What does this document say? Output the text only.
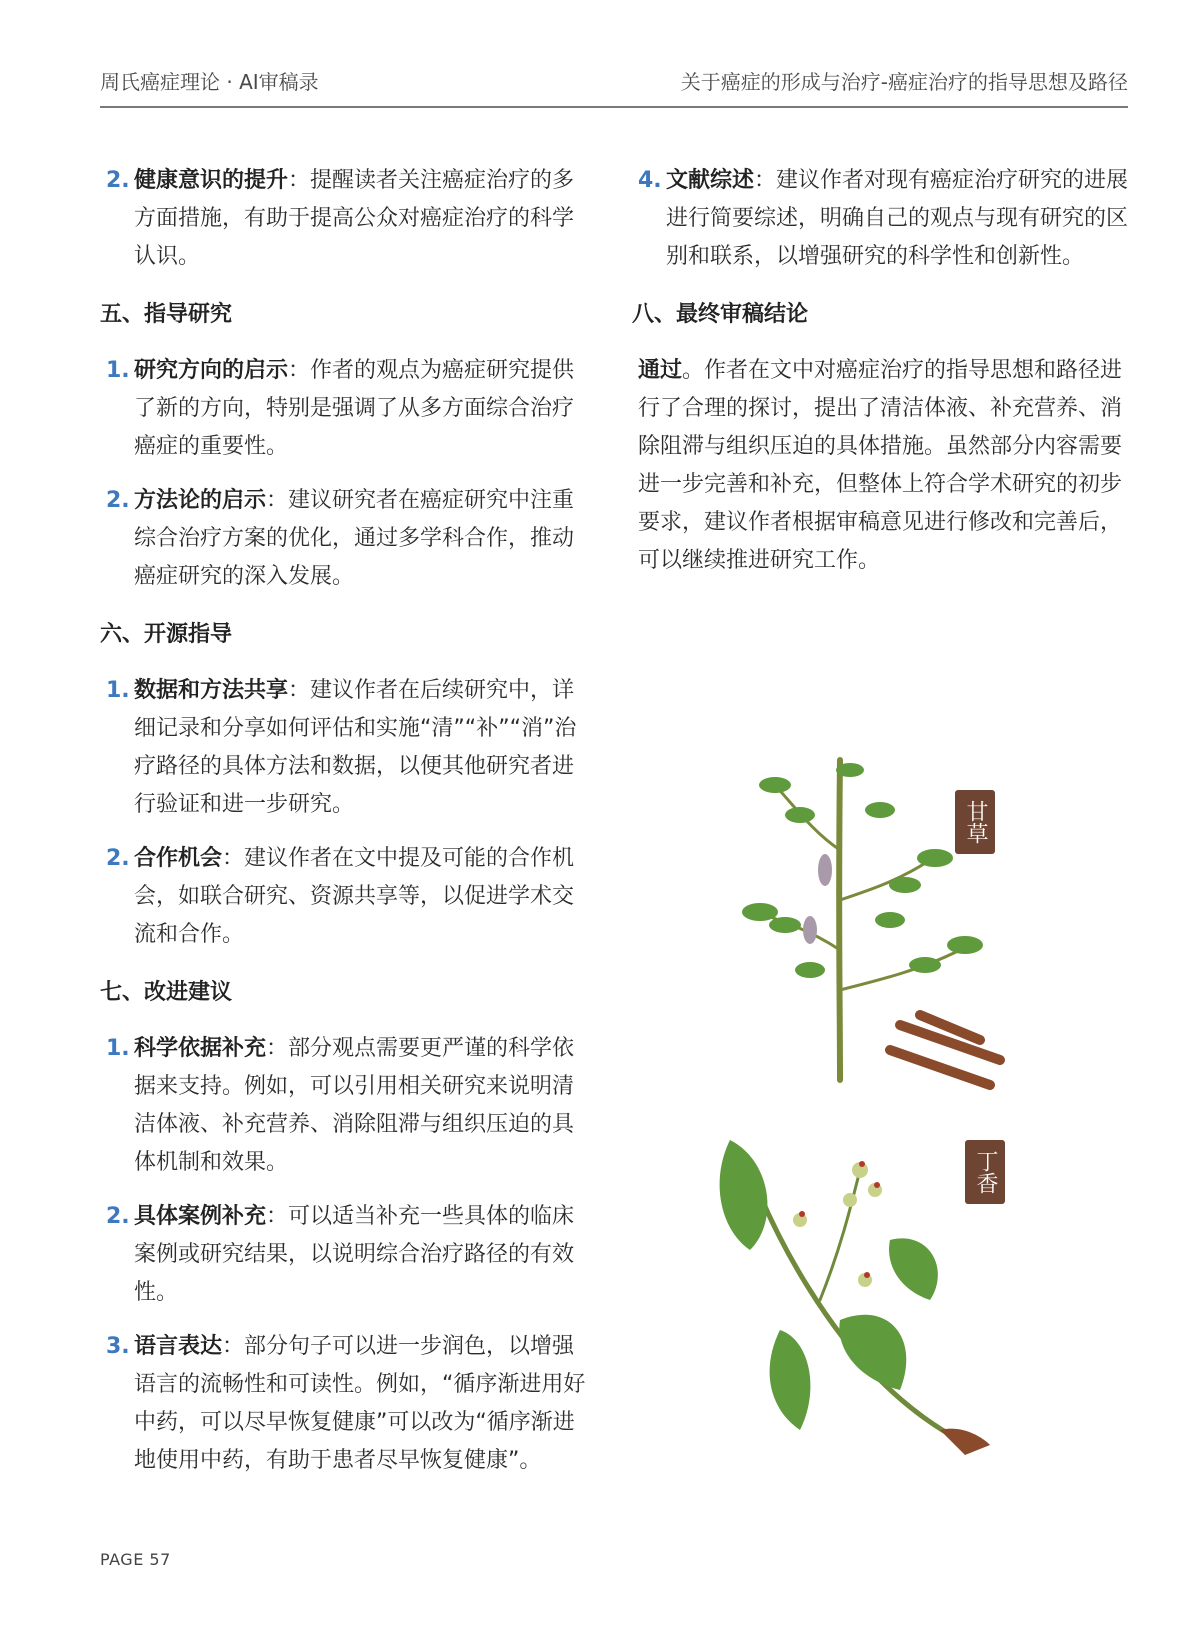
周氏癌症理论 · AI审稿录	关于癌症的形成与治疗-癌症治疗的指导思想及路径
2. 健康意识的提升：提醒读者关注癌症治疗的多方面措施，有助于提高公众对癌症治疗的科学认识。
五、指导研究
1. 研究方向的启示：作者的观点为癌症研究提供了新的方向，特别是强调了从多方面综合治疗癌症的重要性。
2. 方法论的启示：建议研究者在癌症研究中注重综合治疗方案的优化，通过多学科合作，推动癌症研究的深入发展。
六、开源指导
1. 数据和方法共享：建议作者在后续研究中，详细记录和分享如何评估和实施“清”“补”“消”治疗路径的具体方法和数据，以便其他研究者进行验证和进一步研究。
2. 合作机会：建议作者在文中提及可能的合作机会，如联合研究、资源共享等，以促进学术交流和合作。
七、改进建议
1. 科学依据补充：部分观点需要更严谨的科学依据来支持。例如，可以引用相关研究来说明清洁体液、补充营养、消除阻滞与组织压迫的具体机制和效果。
2. 具体案例补充：可以适当补充一些具体的临床案例或研究结果，以说明综合治疗路径的有效性。
3. 语言表达：部分句子可以进一步润色，以增强语言的流畅性和可读性。例如，“循序渐进用好中药，可以尽早恢复健康”可以改为“循序渐进地使用中药，有助于患者尽早恢复健康”。
4. 文献综述：建议作者对现有癌症治疗研究的进展进行简要综述，明确自己的观点与现有研究的区别和联系，以增强研究的科学性和创新性。
八、最终审稿结论
通过。作者在文中对癌症治疗的指导思想和路径进行了合理的探讨，提出了清洁体液、补充营养、消除阻滞与组织压迫的具体措施。虽然部分内容需要进一步完善和补充，但整体上符合学术研究的初步要求，建议作者根据审稿意见进行修改和完善后，可以继续推进研究工作。
甘草
丁香
PAGE 57
